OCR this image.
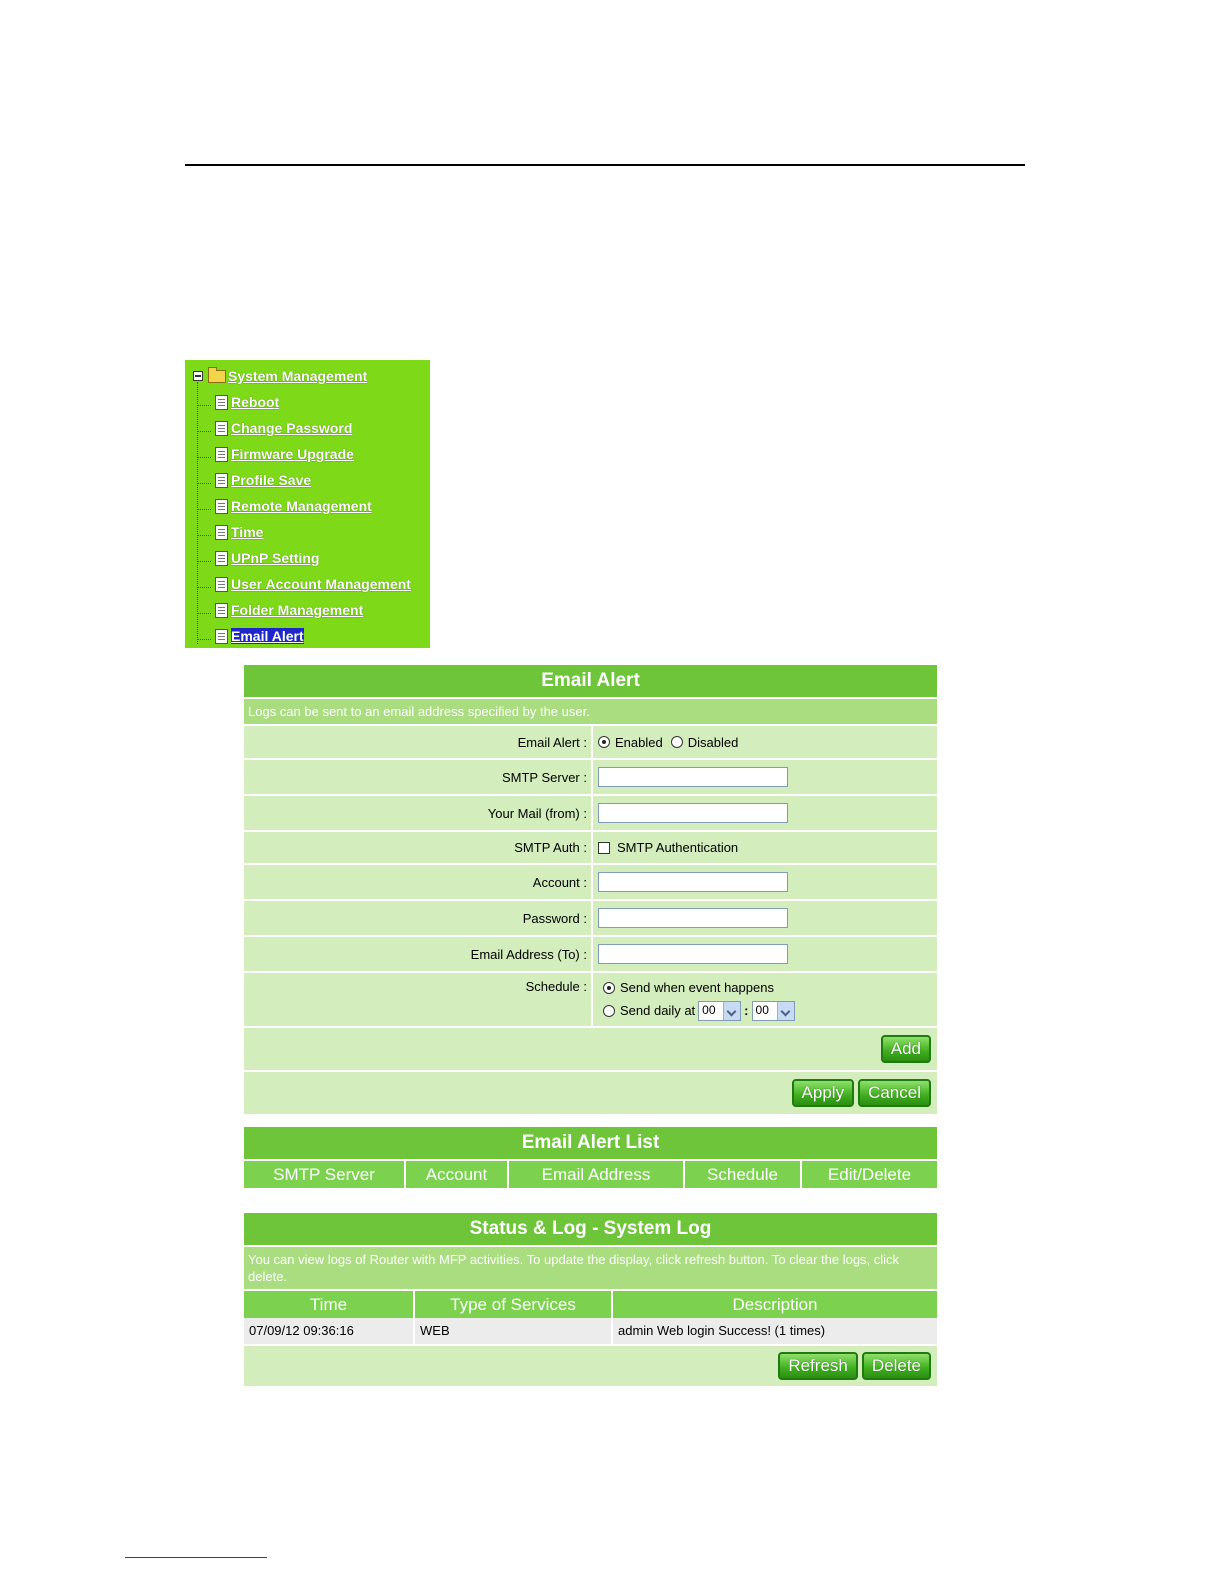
System Management
Reboot
Change Password
Firmware Upgrade
Profile Save
Remote Management
Time
UPnP Setting
User Account Management
Folder Management
Email Alert
Email Alert
Logs can be sent to an email address specified by the user.
Email Alert :	Enabled Disabled
SMTP Server :
Your Mail (from) :
SMTP Auth :	SMTP Authentication
Account :
Password :
Email Address (To) :
Schedule :	Send when event happens
Send daily at 00	: 00
Add
Apply	Cancel
Email Alert List
SMTP Server	Account	Email Address	Schedule	Edit/Delete
Status & Log - System Log
You can view logs of Router with MFP activities. To update the display, click refresh button. To clear the logs, click delete.
Time	Type of Services	Description
07/09/12 09:36:16	WEB	admin Web login Success! (1 times)
Refresh	Delete
